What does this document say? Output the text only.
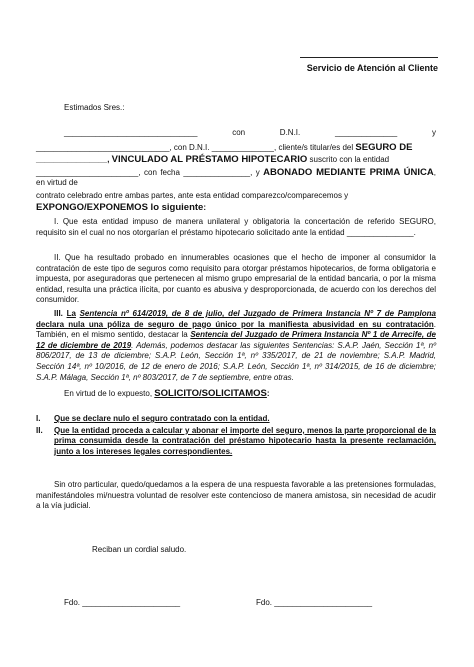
Servicio de Atención al Cliente
Estimados Sres.:
______________________________	con	D.N.I.	______________	y
______________________________, con D.N.I. ______________, cliente/s titular/es del SEGURO DE
________________, VINCULADO AL PRÉSTAMO HIPOTECARIO suscrito con la entidad
_______________________, con fecha _______________, y ABONADO MEDIANTE PRIMA ÚNICA, en virtud de
contrato celebrado entre ambas partes, ante esta entidad comparezco/comparecemos y
EXPONGO/EXPONEMOS lo siguiente:
I. Que esta entidad impuso de manera unilateral y obligatoria la concertación de referido SEGURO, requisito sin el cual no nos otorgarían el préstamo hipotecario solicitado ante la entidad _______________.
II. Que ha resultado probado en innumerables ocasiones que el hecho de imponer al consumidor la contratación de este tipo de seguros como requisito para otorgar préstamos hipotecarios, de forma obligatoria e impuesta, por aseguradoras que pertenecen al mismo grupo empresarial de la entidad bancaria, o por la misma entidad, resulta una práctica ilícita, por cuanto es abusiva y desproporcionada, de acuerdo con los derechos del consumidor.
III. La Sentencia nº 614/2019, de 8 de julio, del Juzgado de Primera Instancia Nº 7 de Pamplona declara nula una póliza de seguro de pago único por la manifiesta abusividad en su contratación. También, en el mismo sentido, destacar la Sentencia del Juzgado de Primera Instancia Nº 1 de Arrecife, de 12 de diciembre de 2019. Además, podemos destacar las siguientes Sentencias: S.A.P. Jaén, Sección 1ª, nº 806/2017, de 13 de diciembre; S.A.P. León, Sección 1ª, nº 335/2017, de 21 de noviembre; S.A.P. Madrid, Sección 14ª, nº 10/2016, de 12 de enero de 2016; S.A.P. León, Sección 1ª, nº 314/2015, de 16 de diciembre; S.A.P. Málaga, Sección 1ª, nº 803/2017, de 7 de septiembre, entre otras.
En virtud de lo expuesto, SOLICITO/SOLICITAMOS:
I.	Que se declare nulo el seguro contratado con la entidad.
II.	Que la entidad proceda a calcular y abonar el importe del seguro, menos la parte proporcional de la prima consumida desde la contratación del préstamo hipotecario hasta la presente reclamación, junto a los intereses legales correspondientes.
Sin otro particular, quedo/quedamos a la espera de una respuesta favorable a las pretensiones formuladas, manifestándoles mi/nuestra voluntad de resolver este contencioso de manera amistosa, sin necesidad de acudir a la vía judicial.
Reciban un cordial saludo.
Fdo. ______________________	Fdo. ______________________
